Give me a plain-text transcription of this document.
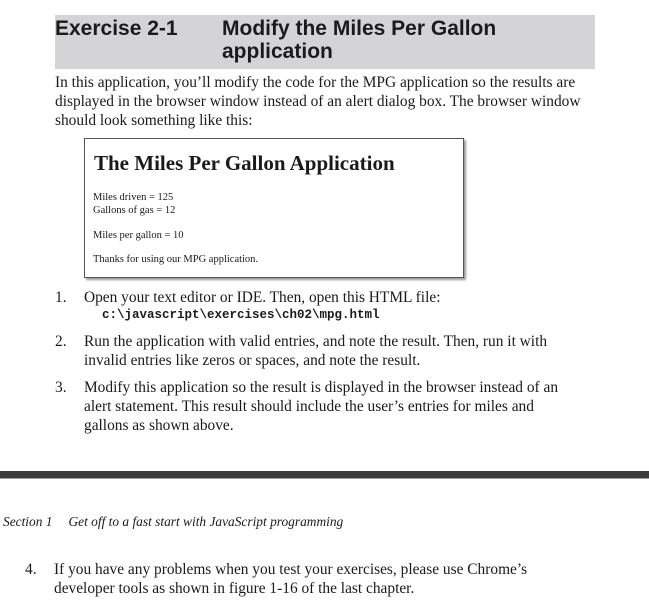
Exercise 2-1 Modify the Miles Per Gallon application

In this application, you’ll modify the code for the MPG application so the results are displayed in the browser window instead of an alert dialog box. The browser window should look something like this:

The Miles Per Gallon Application
Miles driven = 125
Gallons of gas = 12
Miles per gallon = 10
Thanks for using our MPG application.
1. Open your text editor or IDE. Then, open this HTML file:
c:\javascript\exercises\ch02\mpg.html
2. Run the application with valid entries, and note the result. Then, run it with invalid entries like zeros or spaces, and note the result.
3. Modify this application so the result is displayed in the browser instead of an alert statement. This result should include the user’s entries for miles and gallons as shown above.
Section 1 Get off to a fast start with JavaScript programming
4.	If you have any problems when you test your exercises, please use Chrome’s developer tools as shown in figure 1-16 of the last chapter.
